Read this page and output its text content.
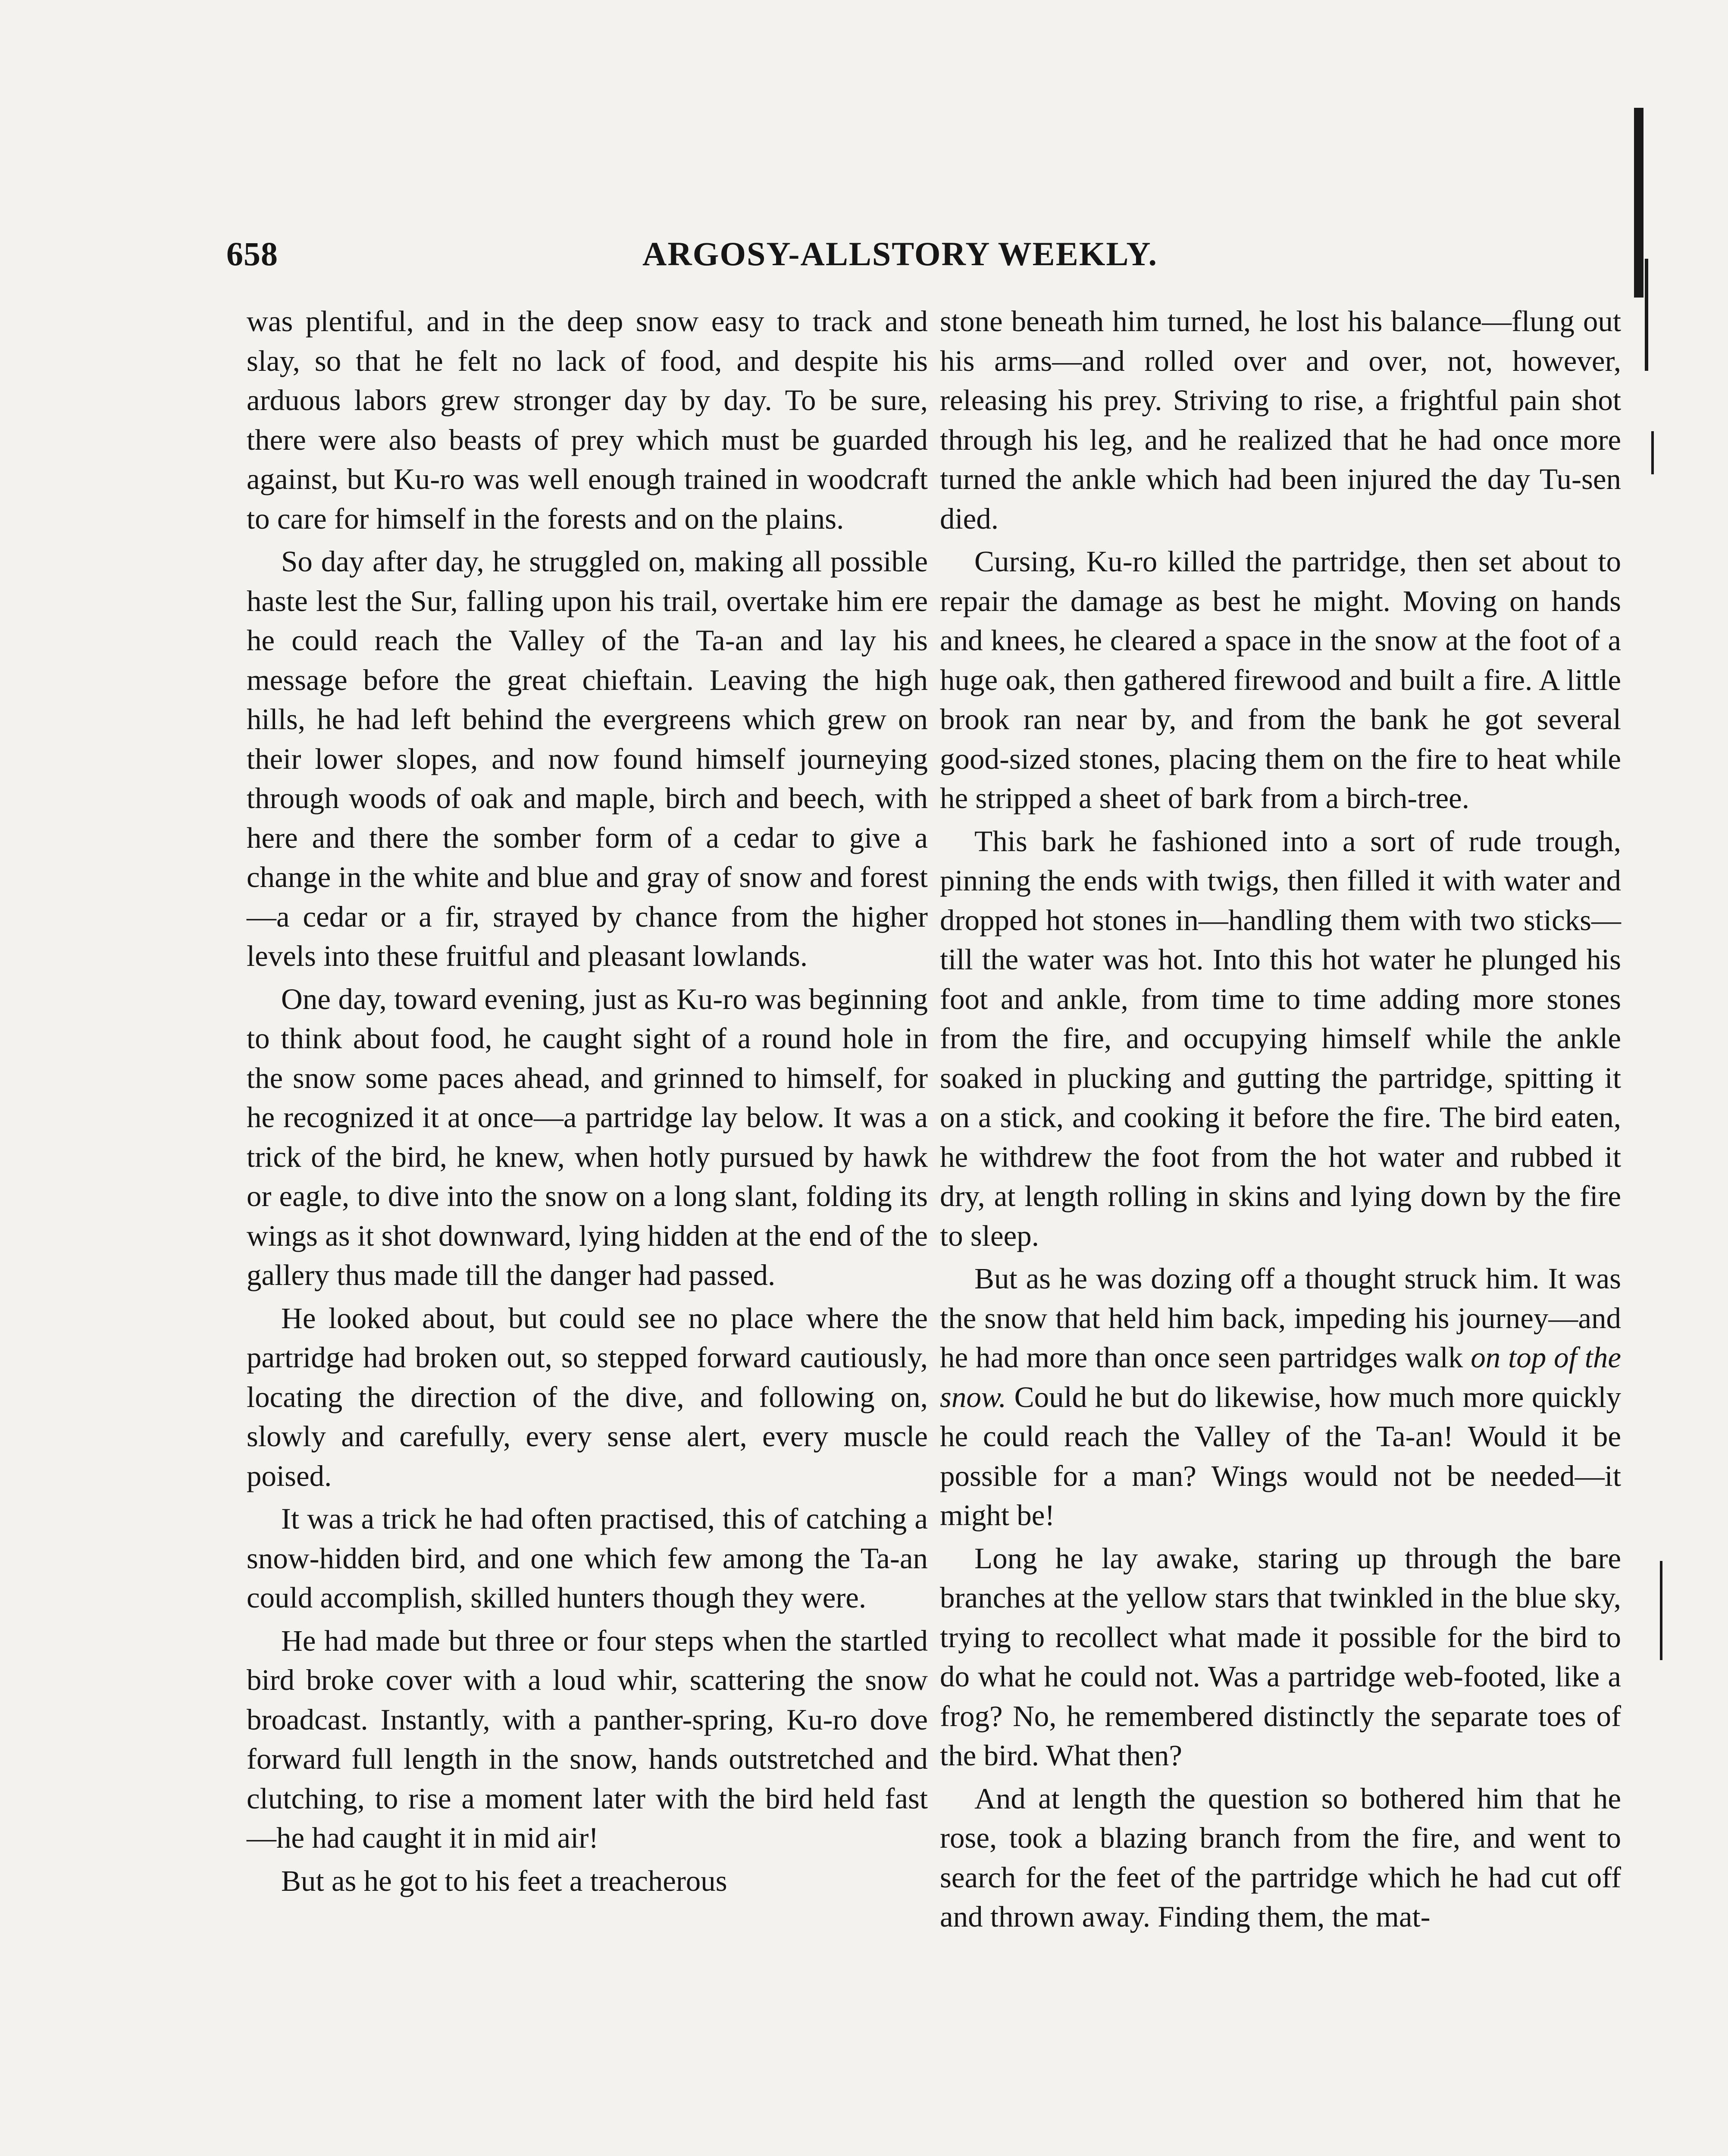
658	ARGOSY-ALLSTORY WEEKLY.

was plentiful, and in the deep snow easy to track and slay, so that he felt no lack of food, and despite his arduous labors grew stronger day by day. To be sure, there were also beasts of prey which must be guarded against, but Ku-ro was well enough trained in woodcraft to care for himself in the forests and on the plains.

So day after day, he struggled on, making all possible haste lest the Sur, falling upon his trail, overtake him ere he could reach the Valley of the Ta-an and lay his message before the great chieftain. Leaving the high hills, he had left behind the evergreens which grew on their lower slopes, and now found himself journeying through woods of oak and maple, birch and beech, with here and there the somber form of a cedar to give a change in the white and blue and gray of snow and forest—a cedar or a fir, strayed by chance from the higher levels into these fruitful and pleasant lowlands.

One day, toward evening, just as Ku-ro was beginning to think about food, he caught sight of a round hole in the snow some paces ahead, and grinned to himself, for he recognized it at once—a partridge lay below. It was a trick of the bird, he knew, when hotly pursued by hawk or eagle, to dive into the snow on a long slant, folding its wings as it shot downward, lying hidden at the end of the gallery thus made till the danger had passed.

He looked about, but could see no place where the partridge had broken out, so stepped forward cautiously, locating the direction of the dive, and following on, slowly and carefully, every sense alert, every muscle poised.

It was a trick he had often practised, this of catching a snow-hidden bird, and one which few among the Ta-an could accomplish, skilled hunters though they were.

He had made but three or four steps when the startled bird broke cover with a loud whir, scattering the snow broadcast. Instantly, with a panther-spring, Ku-ro dove forward full length in the snow, hands outstretched and clutching, to rise a moment later with the bird held fast—he had caught it in mid air!

But as he got to his feet a treacherous

stone beneath him turned, he lost his balance—flung out his arms—and rolled over and over, not, however, releasing his prey. Striving to rise, a frightful pain shot through his leg, and he realized that he had once more turned the ankle which had been injured the day Tu-sen died.

Cursing, Ku-ro killed the partridge, then set about to repair the damage as best he might. Moving on hands and knees, he cleared a space in the snow at the foot of a huge oak, then gathered firewood and built a fire. A little brook ran near by, and from the bank he got several good-sized stones, placing them on the fire to heat while he stripped a sheet of bark from a birch-tree.

This bark he fashioned into a sort of rude trough, pinning the ends with twigs, then filled it with water and dropped hot stones in—handling them with two sticks—till the water was hot. Into this hot water he plunged his foot and ankle, from time to time adding more stones from the fire, and occupying himself while the ankle soaked in plucking and gutting the partridge, spitting it on a stick, and cooking it before the fire. The bird eaten, he withdrew the foot from the hot water and rubbed it dry, at length rolling in skins and lying down by the fire to sleep.

But as he was dozing off a thought struck him. It was the snow that held him back, impeding his journey—and he had more than once seen partridges walk on top of the snow. Could he but do likewise, how much more quickly he could reach the Valley of the Ta-an! Would it be possible for a man? Wings would not be needed—it might be!

Long he lay awake, staring up through the bare branches at the yellow stars that twinkled in the blue sky, trying to recollect what made it possible for the bird to do what he could not. Was a partridge web-footed, like a frog? No, he remembered distinctly the separate toes of the bird. What then?

And at length the question so bothered him that he rose, took a blazing branch from the fire, and went to search for the feet of the partridge which he had cut off and thrown away. Finding them, the mat-
